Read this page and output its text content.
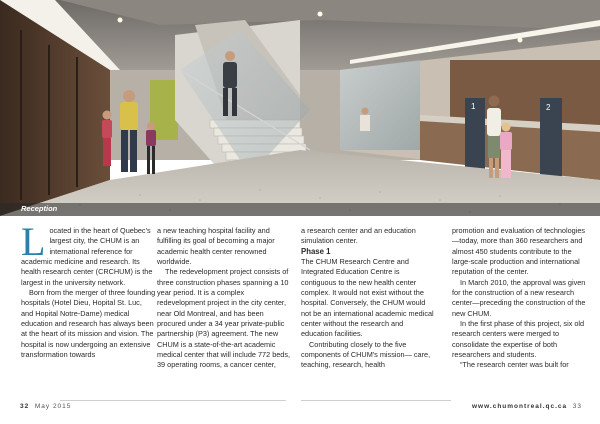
1	2
Reception

Located in the heart of Quebec's largest city, the CHUM is an international reference for academic medicine and research. Its health research center (CRCHUM) is the largest in the university network.

Born from the merger of three founding hospitals (Hotel Dieu, Hopital St. Luc, and Hopital Notre-Dame) medical education and research has always been at the heart of its mission and vision. The hospital is now undergoing an extensive transformation towards

a new teaching hospital facility and fulfilling its goal of becoming a major academic health center renowned worldwide.

The redevelopment project consists of three construction phases spanning a 10 year period. It is a complex redevelopment project in the city center, near Old Montreal, and has been procured under a 34 year private-public partnership (P3) agreement. The new CHUM is a state-of-the-art academic medical center that will include 772 beds, 39 operating rooms, a cancer center,

a research center and an education simulation center.

Phase 1

The CHUM Research Centre and Integrated Education Centre is contiguous to the new health center complex. It would not exist without the hospital. Conversely, the CHUM would not be an international academic medical center without the research and education facilities.

Contributing closely to the five components of CHUM's mission— care, teaching, research, health

promotion and evaluation of technologies—today, more than 360 researchers and almost 450 students contribute to the large-scale production and international reputation of the center.

In March 2010, the approval was given for the construction of a new research center—preceding the construction of the new CHUM.

In the first phase of this project, six old research centers were merged to consolidate the expertise of both researchers and students.

“The research center was built for

32 May 2015	www.chumontreal.qc.ca 33
